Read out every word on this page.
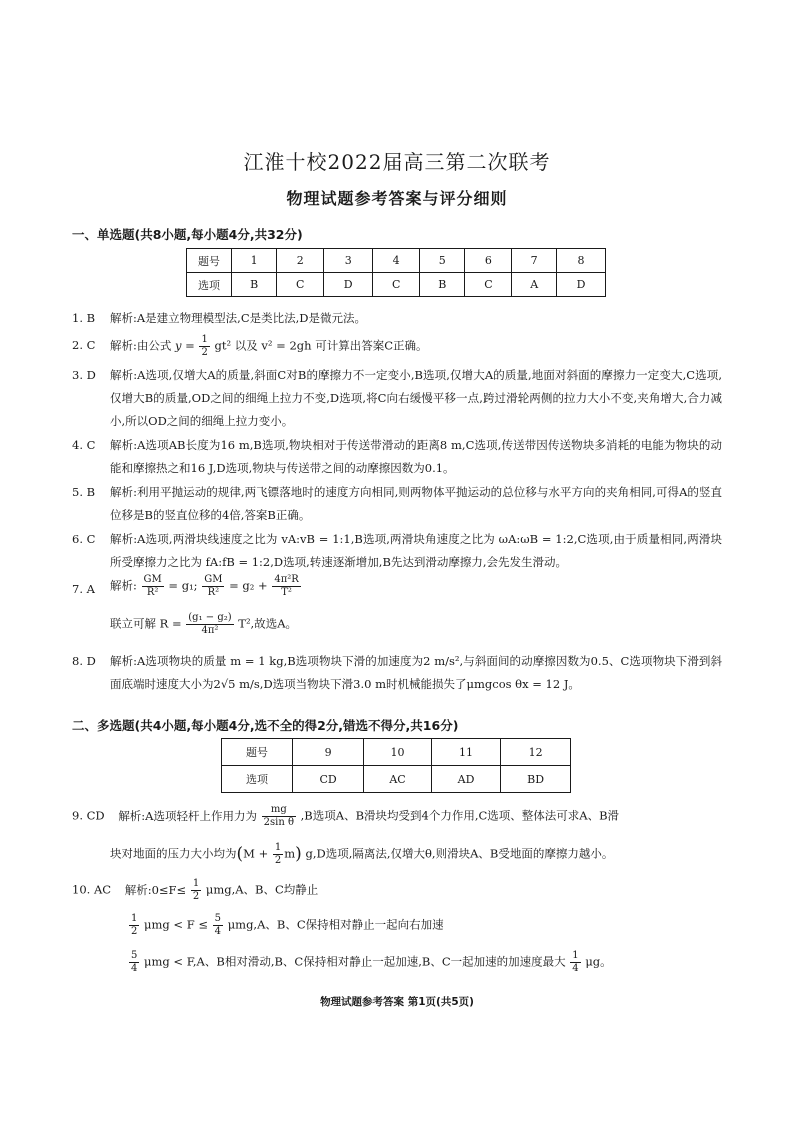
江淮十校2022届高三第二次联考
物理试题参考答案与评分细则
一、单选题(共8小题,每小题4分,共32分)
题号	1	2	3	4	5	6	7	8
选项	B	C	D	C	B	C	A	D
1. B 解析:A是建立物理模型法,C是类比法,D是微元法。
2. C 解析:由公式 $y = \frac{1}{2} gt^2$ 以及 v² = 2gh 可计算出答案C正确。
3. D 解析:A选项,仅增大A的质量,斜面C对B的摩擦力不一定变小,B选项,仅增大A的质量,地面对斜面的摩擦力一定变大,C选项,仅增大B的质量,OD之间的细绳上拉力不变,D选项,将C向右缓慢平移一点,跨过滑轮两侧的拉力大小不变,夹角增大,合力减小,所以OD之间的细绳上拉力变小。
4. C 解析:A选项AB长度为16 m,B选项,物块相对于传送带滑动的距离8 m,C选项,传送带因传送物块多消耗的电能为物块的动能和摩擦热之和16 J,D选项,物块与传送带之间的动摩擦因数为0.1。
5. B 解析:利用平抛运动的规律,两飞镖落地时的速度方向相同,则两物体平抛运动的总位移与水平方向的夹角相同,可得A的竖直位移是B的竖直位移的4倍,答案B正确。
6. C 解析:A选项,两滑块线速度之比为 vA:vB = 1:1,B选项,两滑块角速度之比为 ωA:ωB = 1:2,C选项,由于质量相同,两滑块所受摩擦力之比为 fA:fB = 1:2,D选项,转速逐渐增加,B先达到滑动摩擦力,会先发生滑动。
7. A 解析: $\frac{GM}{\text{R²}} = g_1$; $\frac{GM}{\text{R²}} = g_2 + \frac{\text{4π²R}}{\text{T²}}$
联立可解 $R = \frac{\text{(g₁ − g₂)}}{\text{4π²}} T^2$,故选A。
8. D 解析:A选项物块的质量 m = 1 kg,B选项物块下滑的加速度为2 m/s²,与斜面间的动摩擦因数为0.5、C选项物块下滑到斜面底端时速度大小为2√5 m/s,D选项当物块下滑3.0 m时机械能损失了μmgcos θx = 12 J。
二、多选题(共4小题,每小题4分,选不全的得2分,错选不得分,共16分)
题号	9	10	11	12
选项	CD	AC	AD	BD
9. CD 解析:A选项轻杆上作用力为 $\frac{mg}{\text{2sin θ}} ,B$选项A、B滑块均受到4个力作用,C选项、整体法可求A、B滑
块对地面的压力大小均为$(M + \frac{1}{2} m)$ g,D选项,隔离法,仅增大θ,则滑块A、B受地面的摩擦力越小。
10. AC 解析:0≤F≤ $\frac{1}{2} \mu mg,A$、B、C均静止
$\frac{1}{2}$ $\mu mg < F \le \frac{5}{4} \mu mg,A$、B、C保持相对静止一起向右加速
$\frac{5}{4}$ μmg < F,A、B相对滑动,B、C保持相对静止一起加速,B、C一起加速的加速度最大 $\frac{1}{4}$ μg。
物理试题参考答案 第1页(共5页)
